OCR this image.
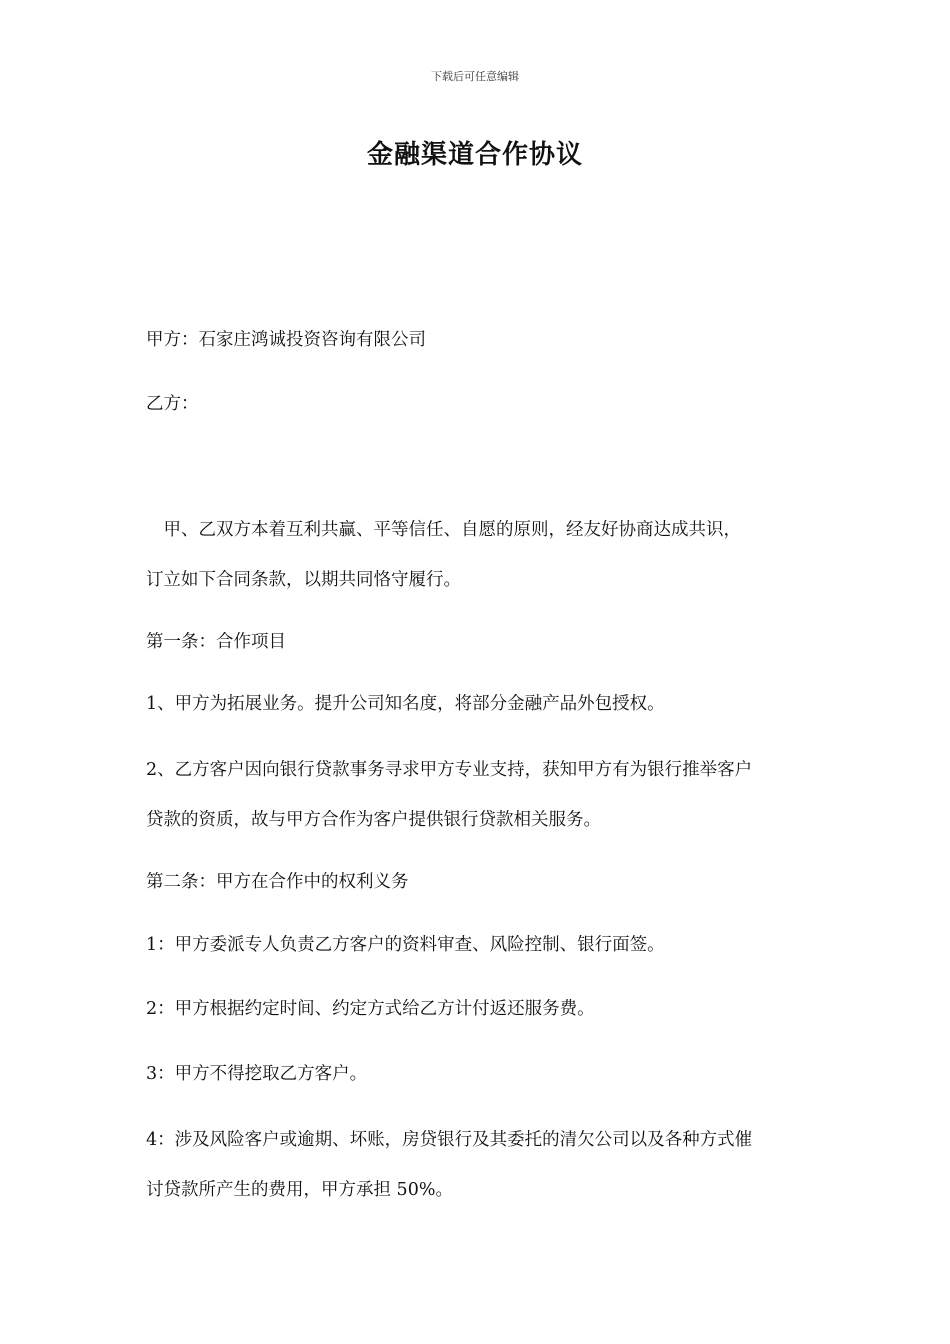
下载后可任意编辑
金融渠道合作协议
甲方：石家庄鸿诚投资咨询有限公司
乙方：
　甲、乙双方本着互利共赢、平等信任、自愿的原则，经友好协商达成共识，
订立如下合同条款，以期共同恪守履行。
第一条：合作项目
1、甲方为拓展业务。提升公司知名度，将部分金融产品外包授权。
2、乙方客户因向银行贷款事务寻求甲方专业支持，获知甲方有为银行推举客户
贷款的资质，故与甲方合作为客户提供银行贷款相关服务。
第二条：甲方在合作中的权利义务
1：甲方委派专人负责乙方客户的资料审查、风险控制、银行面签。
2：甲方根据约定时间、约定方式给乙方计付返还服务费。
3：甲方不得挖取乙方客户。
4：涉及风险客户或逾期、坏账，房贷银行及其委托的清欠公司以及各种方式催
讨贷款所产生的费用，甲方承担 50%。
